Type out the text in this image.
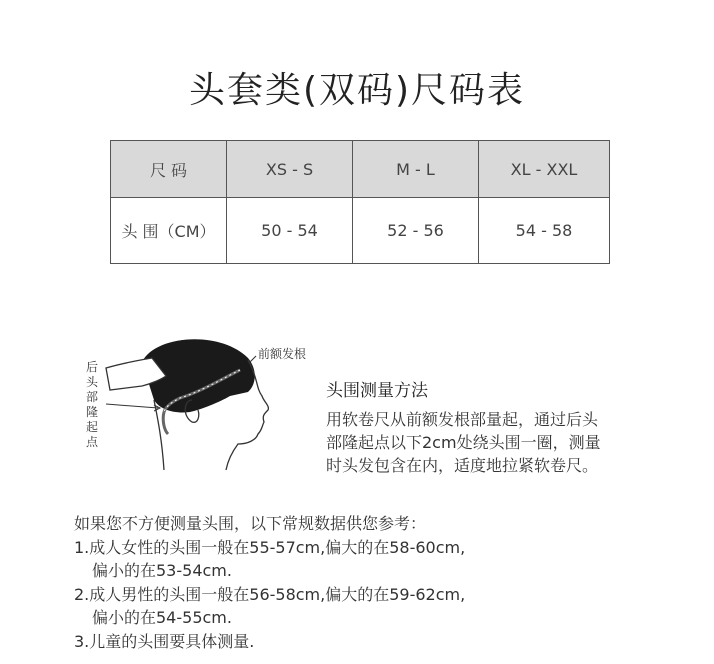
头套类(双码)尺码表
尺 码	XS - S	M - L	XL - XXL
头 围（CM）	50 - 54	52 - 56	54 - 58
后头部隆起点
前额发根
头围测量方法
用软卷尺从前额发根部量起，通过后头
部隆起点以下2cm处绕头围一圈，测量
时头发包含在内，适度地拉紧软卷尺。
如果您不方便测量头围，以下常规数据供您参考：
1.成人女性的头围一般在55-57cm,偏大的在58-60cm,
偏小的在53-54cm.
2.成人男性的头围一般在56-58cm,偏大的在59-62cm,
偏小的在54-55cm.
3.儿童的头围要具体测量.
